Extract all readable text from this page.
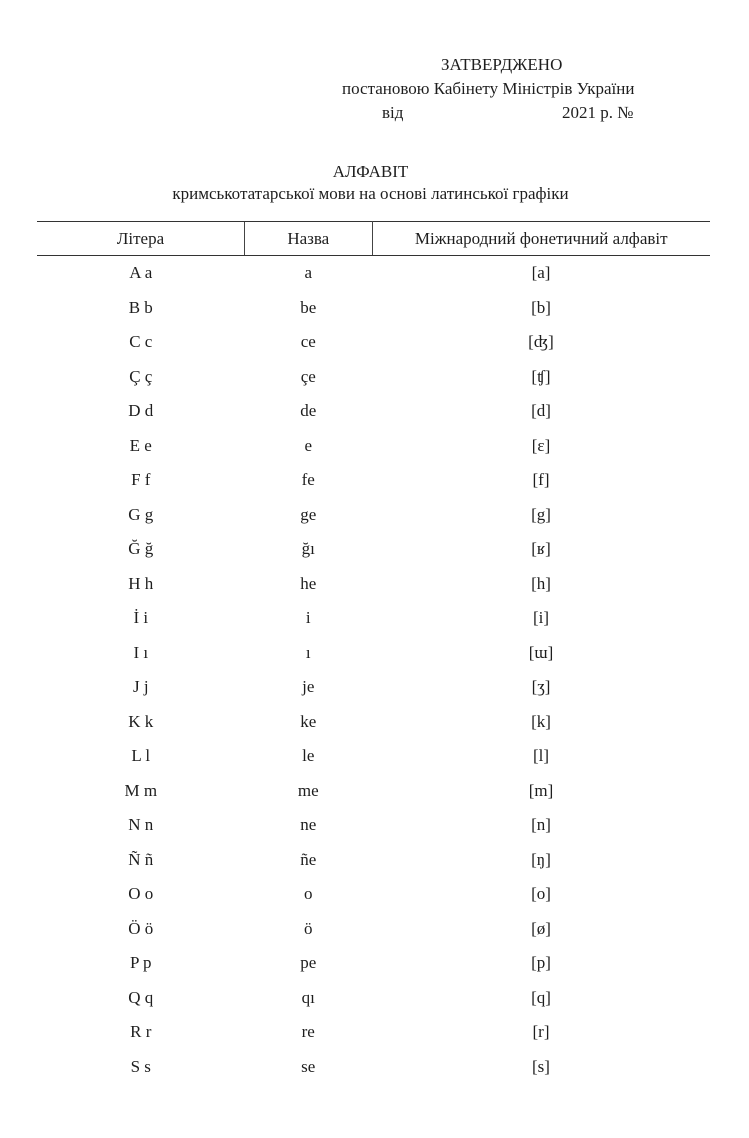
ЗАТВЕРДЖЕНО
постановою Кабінету Міністрів України
від	2021 р. №
АЛФАВІТ
кримськотатарської мови на основі латинської графіки
Літера	Назва	Міжнародний фонетичний алфавіт
A a	a	[a]
B b	be	[b]
C c	ce	[ʤ]
Ç ç	çe	[ʧ]
D d	de	[d]
E e	e	[ɛ]
F f	fe	[f]
G g	ge	[g]
Ğ ğ	ğı	[ʁ]
H h	he	[h]
İ i	i	[i]
I ı	ı	[ɯ]
J j	je	[ʒ]
K k	ke	[k]
L l	le	[l]
M m	me	[m]
N n	ne	[n]
Ñ ñ	ñe	[ŋ]
O o	o	[o]
Ö ö	ö	[ø]
P p	pe	[p]
Q q	qı	[q]
R r	re	[r]
S s	se	[s]
